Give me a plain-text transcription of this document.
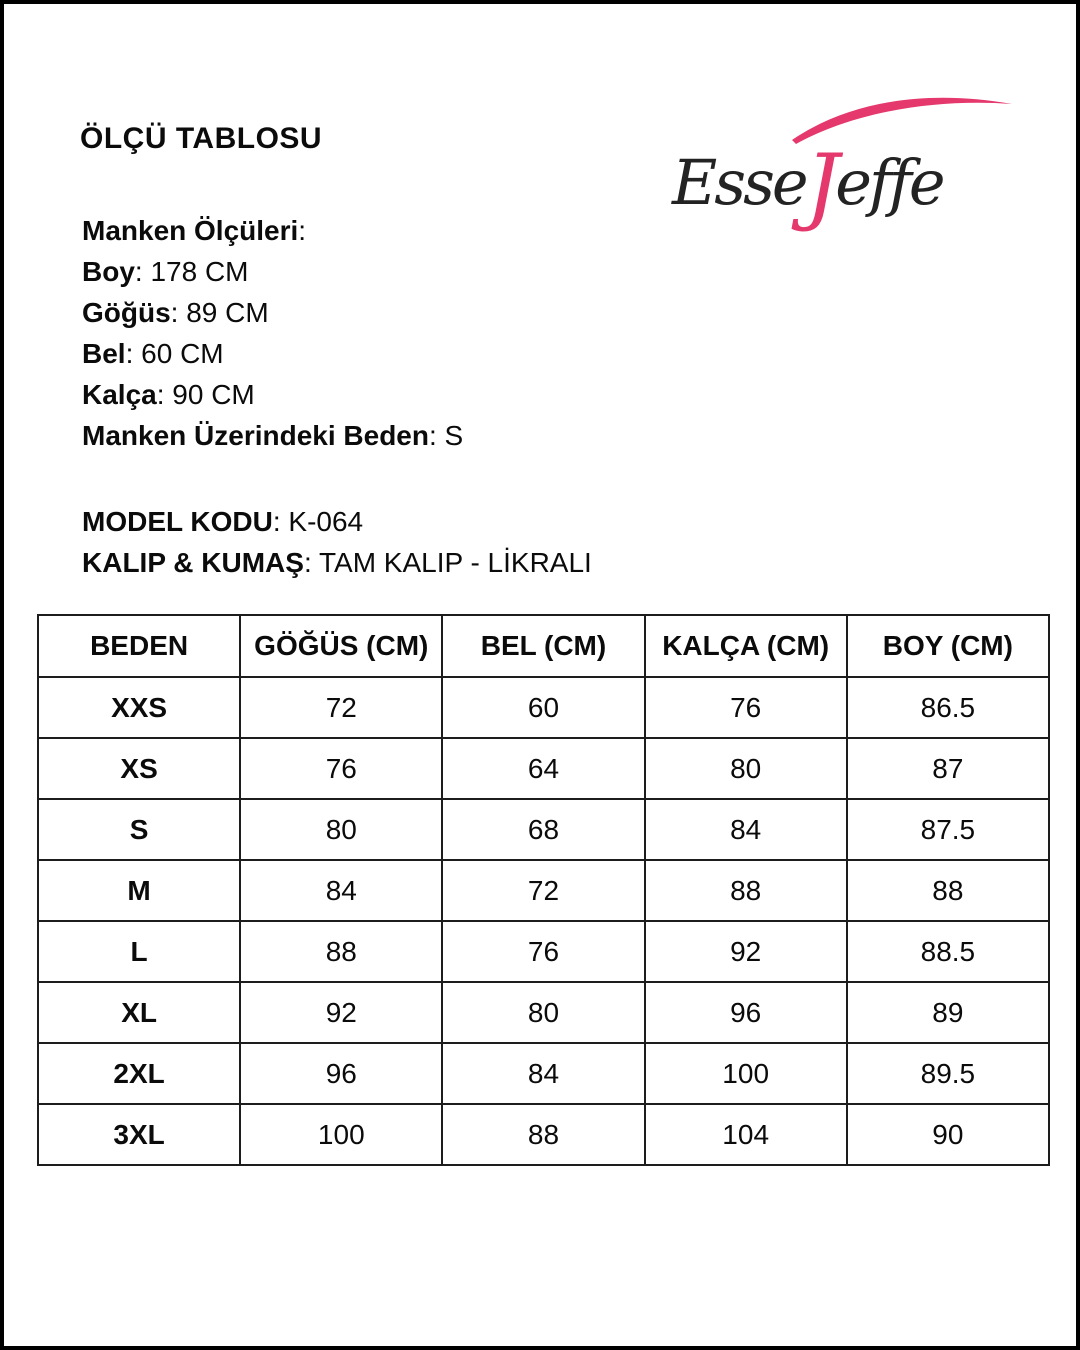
ÖLÇÜ TABLOSU
EsseJeffe
Manken Ölçüleri:
Boy: 178 CM
Göğüs: 89 CM
Bel: 60 CM
Kalça: 90 CM
Manken Üzerindeki Beden: S
MODEL KODU: K-064
KALIP & KUMAŞ: TAM KALIP - LİKRALI
BEDEN	GÖĞÜS (CM)	BEL (CM)	KALÇA (CM)	BOY (CM)
XXS	72	60	76	86.5
XS	76	64	80	87
S	80	68	84	87.5
M	84	72	88	88
L	88	76	92	88.5
XL	92	80	96	89
2XL	96	84	100	89.5
3XL	100	88	104	90
